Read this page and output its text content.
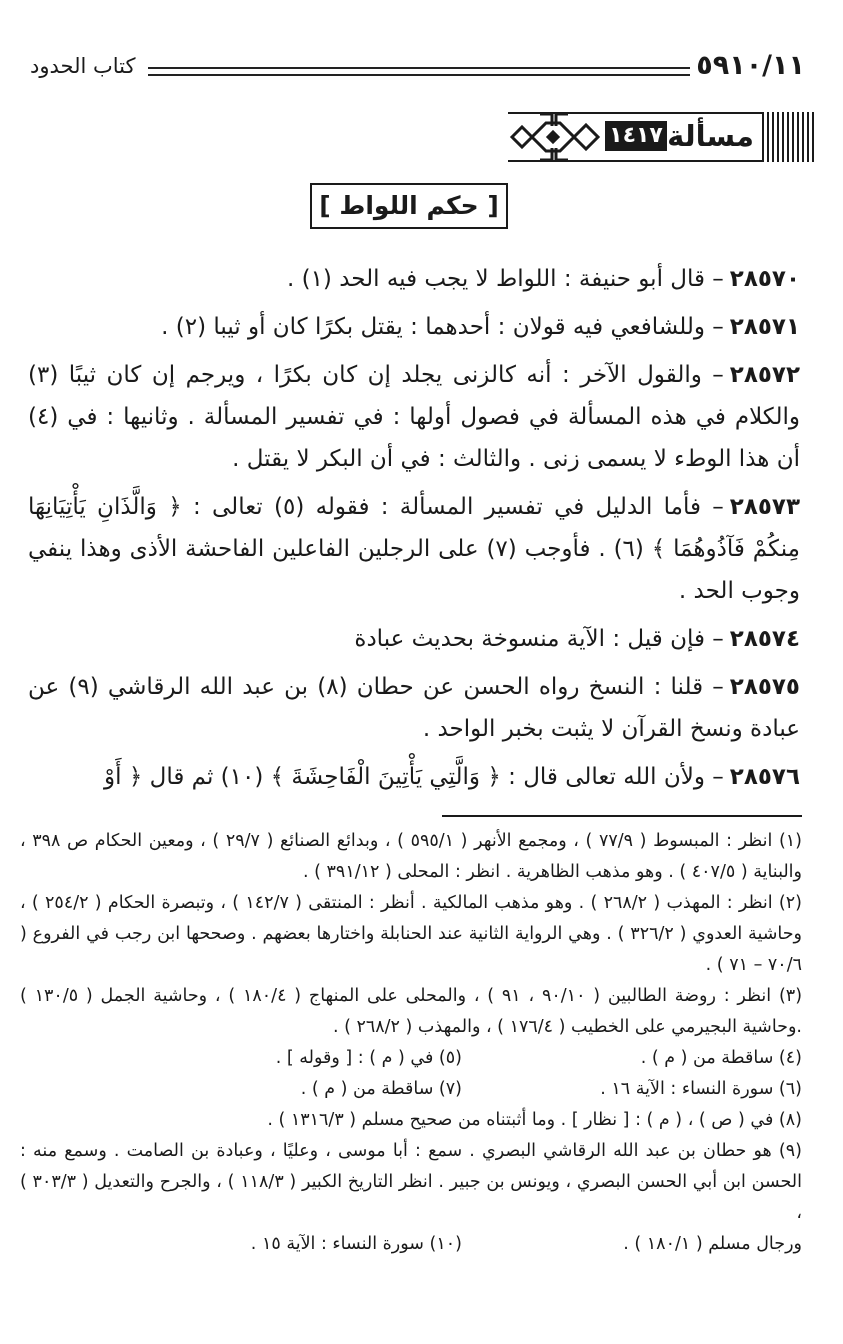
٥٩١٠/١١
كتاب الحدود
مسألة
١٤١٧
[ حكم اللواط ]

٢٨٥٧٠– قال أبو حنيفة : اللواط لا يجب فيه الحد (١) .

٢٨٥٧١– وللشافعي فيه قولان : أحدهما : يقتل بكرًا كان أو ثيبا (٢) .

٢٨٥٧٢– والقول الآخر : أنه كالزنى يجلد إن كان بكرًا ، ويرجم إن كان ثيبًا (٣) والكلام في هذه المسألة في فصول أولها : في تفسير المسألة . وثانيها : في (٤) أن هذا الوطء لا يسمى زنى . والثالث : في أن البكر لا يقتل .

٢٨٥٧٣– فأما الدليل في تفسير المسألة : فقوله (٥) تعالى : ﴿ وَالَّذَانِ يَأْتِيَانِهَا مِنكُمْ فَآذُوهُمَا ﴾ (٦) . فأوجب (٧) على الرجلين الفاعلين الفاحشة الأذى وهذا ينفي وجوب الحد .

٢٨٥٧٤– فإن قيل : الآية منسوخة بحديث عبادة

٢٨٥٧٥– قلنا : النسخ رواه الحسن عن حطان (٨) بن عبد الله الرقاشي (٩) عن عبادة ونسخ القرآن لا يثبت بخبر الواحد .

٢٨٥٧٦– ولأن الله تعالى قال : ﴿ وَالَّتِي يَأْتِينَ الْفَاحِشَةَ ﴾ (١٠) ثم قال ﴿ أَوْ

(١) انظر : المبسوط ( ٧٧/٩ ) ، ومجمع الأنهر ( ٥٩٥/١ ) ، وبدائع الصنائع ( ٢٩/٧ ) ، ومعين الحكام ص ٣٩٨ ، والبناية ( ٤٠٧/٥ ) . وهو مذهب الظاهرية . انظر : المحلى ( ٣٩١/١٢ ) .

(٢) انظر : المهذب ( ٢٦٨/٢ ) . وهو مذهب المالكية . أنظر : المنتقى ( ١٤٢/٧ ) ، وتبصرة الحكام ( ٢٥٤/٢ ) ، وحاشية العدوي ( ٣٢٦/٢ ) . وهي الرواية الثانية عند الحنابلة واختارها بعضهم . وصححها ابن رجب في الفروع ( ٧٠/٦ – ٧١ ) .

(٣) انظر : روضة الطالبين ( ٩٠/١٠ ، ٩١ ) ، والمحلى على المنهاج ( ١٨٠/٤ ) ، وحاشية الجمل ( ١٣٠/٥ ) .وحاشية البجيرمي على الخطيب ( ١٧٦/٤ ) ، والمهذب ( ٢٦٨/٢ ) .

(٤) ساقطة من ( م ) .
(٥) في ( م ) : [ وقوله ] .

(٦) سورة النساء : الآية ١٦ .
(٧) ساقطة من ( م ) .

(٨) في ( ص ) ، ( م ) : [ نظار ] . وما أثبتناه من صحيح مسلم ( ١٣١٦/٣ ) .

(٩) هو حطان بن عبد الله الرقاشي البصري . سمع : أبا موسى ، وعليًا ، وعبادة بن الصامت . وسمع منه : الحسن ابن أبي الحسن البصري ، ويونس بن جبير . انظر التاريخ الكبير ( ١١٨/٣ ) ، والجرح والتعديل ( ٣٠٣/٣ ) ،

ورجال مسلم ( ١٨٠/١ ) .
(١٠) سورة النساء : الآية ١٥ .
